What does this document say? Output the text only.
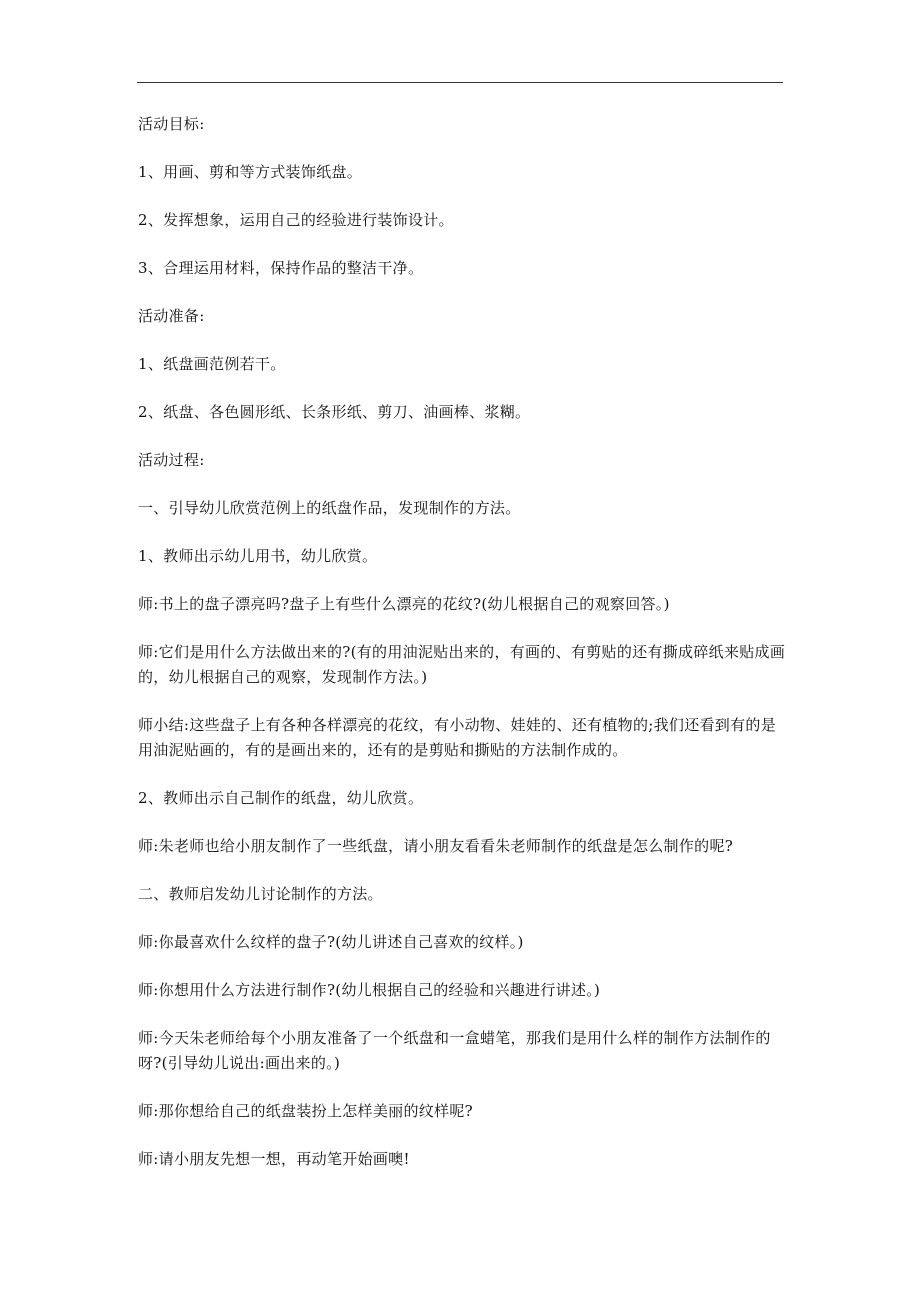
活动目标:

1、用画、剪和等方式装饰纸盘。

2、发挥想象，运用自己的经验进行装饰设计。

3、合理运用材料，保持作品的整洁干净。

活动准备:

1、纸盘画范例若干。

2、纸盘、各色圆形纸、长条形纸、剪刀、油画棒、浆糊。

活动过程:

一、引导幼儿欣赏范例上的纸盘作品，发现制作的方法。

1、教师出示幼儿用书，幼儿欣赏。

师:书上的盘子漂亮吗?盘子上有些什么漂亮的花纹?(幼儿根据自己的观察回答。)

师:它们是用什么方法做出来的?(有的用油泥贴出来的，有画的、有剪贴的还有撕成碎纸来贴成画的，幼儿根据自己的观察，发现制作方法。)

师小结:这些盘子上有各种各样漂亮的花纹，有小动物、娃娃的、还有植物的;我们还看到有的是用油泥贴画的，有的是画出来的，还有的是剪贴和撕贴的方法制作成的。

2、教师出示自己制作的纸盘，幼儿欣赏。

师:朱老师也给小朋友制作了一些纸盘，请小朋友看看朱老师制作的纸盘是怎么制作的呢?

二、教师启发幼儿讨论制作的方法。

师:你最喜欢什么纹样的盘子?(幼儿讲述自己喜欢的纹样。)

师:你想用什么方法进行制作?(幼儿根据自己的经验和兴趣进行讲述。)

师:今天朱老师给每个小朋友准备了一个纸盘和一盒蜡笔，那我们是用什么样的制作方法制作的呀?(引导幼儿说出:画出来的。)

师:那你想给自己的纸盘装扮上怎样美丽的纹样呢?

师:请小朋友先想一想，再动笔开始画噢!
